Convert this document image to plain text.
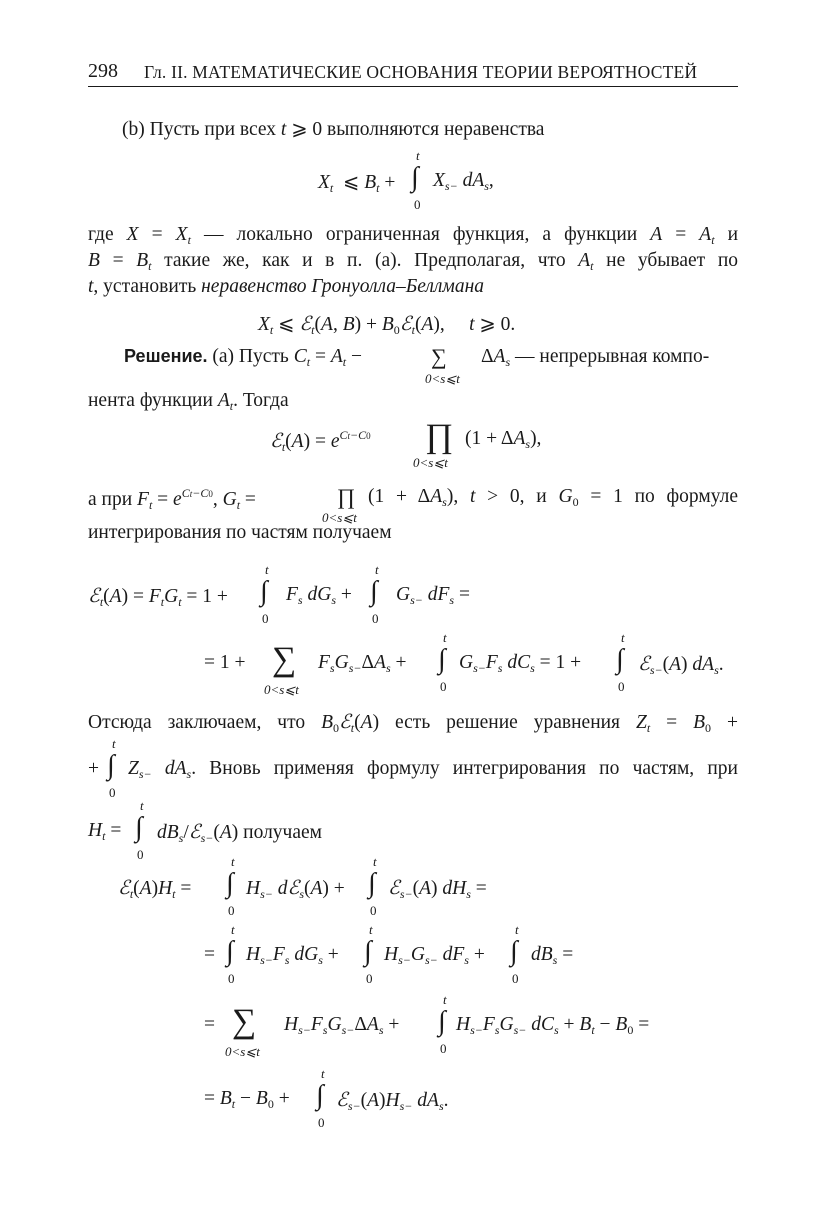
298 Гл. II. МАТЕМАТИЧЕСКИЕ ОСНОВАНИЯ ТЕОРИИ ВЕРОЯТНОСТЕЙ
(b) Пусть при всех t ⩾ 0 выполняются неравенства
$X_t$  ⩽ $B_t$ +
t
∫
0
$X_{s-}$ $dA_s$,
где $X = X_t$ — локально ограниченная функция, а функции $A = A_t$ и
$B = B_t$ такие же, как и в п. (a). Предполагая, что $A_t$ не убывает по
t, установить неравенство Гронуолла–Беллмана
$X_t$ ⩽ ℰ$_t$(A, $B) + B_0ℰ_t(A)$,     t ⩾ 0.
Решение. (a) Пусть $C_t = A_t$ −	∑
0<s⩽t
$\Delta A_s$ — непрерывная компо-
нента функции $A_t$. Тогда
ℰ$_t$(A) = $e^{Ct-C0}$ ∏
0<s⩽t
$(1 + \Delta A_s)$,
а при $F_t = e^{Ct-C0}$, $G_t$ =	∏
0<s⩽t
$(1 + \Delta A_s)$, t > 0, и $G_0 = 1$ по формуле
интегрирования по частям получаем
ℰ$_t$(A) = $F_tG_t = 1$ +
t
∫
0
$F_s$ $dG_s$ +
t
∫
0
$G_{s-}$ $dF_s$ =
= 1 + ∑
0<s⩽t
$F_sG_{s-}\Delta A_s$ +
t
∫
0
$G_{s-}F_s$ $dC_s = 1$ +
t
∫
0
ℰ$_{s-}$(A) $dA_s$.
Отсюда заключаем, что $B_0ℰ_t(A)$ есть решение уравнения $Z_t = B_0$ +
+
t
∫
0
$Z_{s-}$ $dA_s$. Вновь применяя формулу интегрирования по частям, при
$H_t$ =
t
∫
0
$dB_s/ℰ_{s-}(A)$ получаем
$ℰ_t(A)H_t$ =
t
∫
0
$H_{s-}$ dℰ$_s$(A) +
t
∫
0
ℰ$_{s-}$(A) $dH_s$ =
=
t
∫
0
$H_{s-}F_s$ $dG_s$ +
t
∫
0
$H_{s-}G_{s-}$ $dF_s$ +
t
∫
0
$dB_s$ =
= ∑
0<s⩽t
$H_{s-}F_sG_{s-}\Delta A_s$ +
t
∫
0
$H_{s-}F_sG_{s-}$ $dC_s + B_t - B_0$ =
= $B_t - B_0$ +
t
∫
0
$ℰ_{s-}(A)H_{s-}$ $dA_s$.
